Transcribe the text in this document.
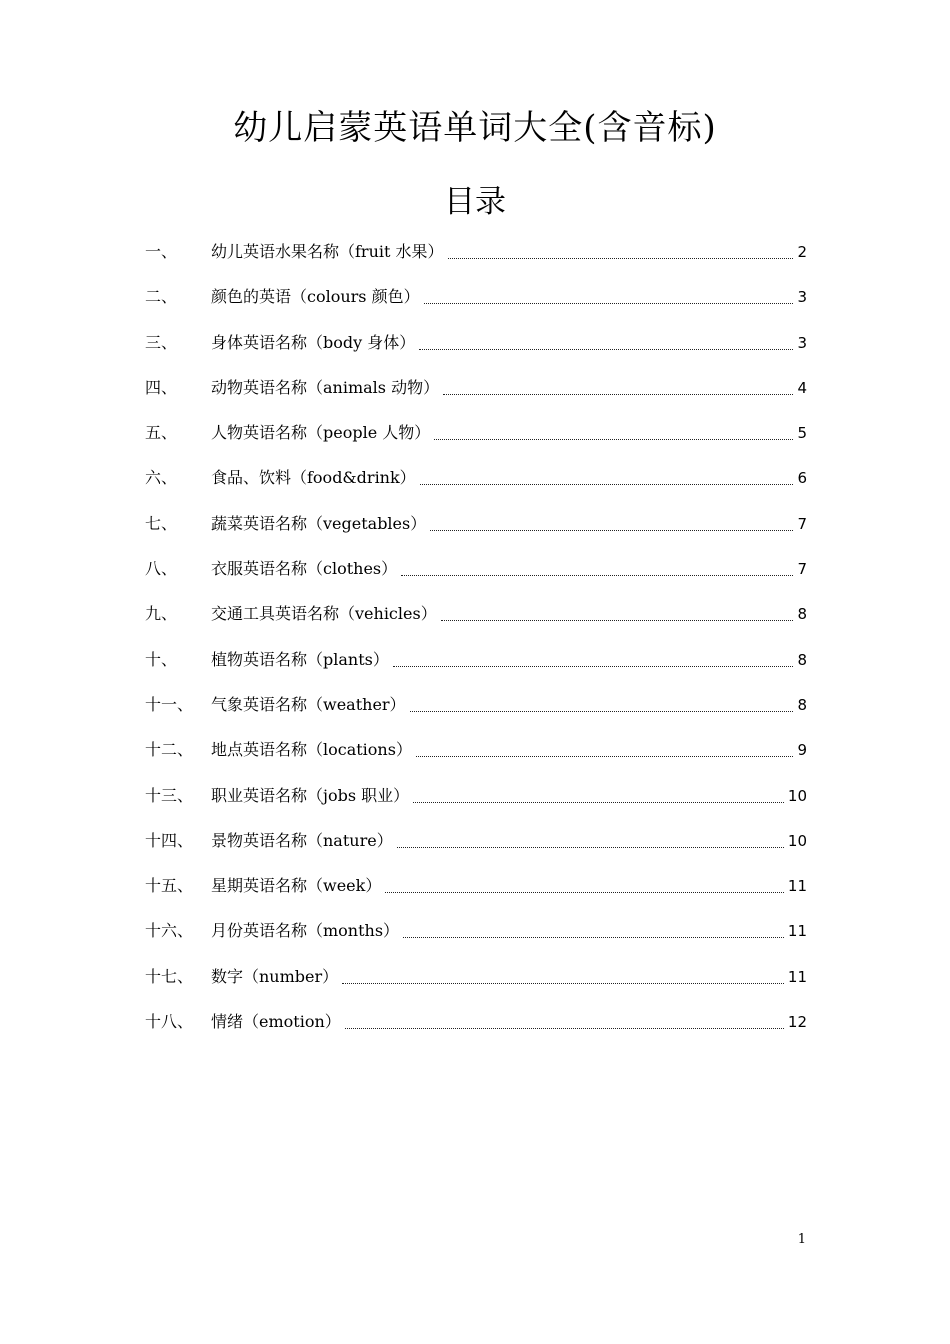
幼儿启蒙英语单词大全(含音标)
目录
一、	幼儿英语水果名称（fruit 水果）	2
二、	颜色的英语（colours 颜色）	3
三、	身体英语名称（body 身体）	3
四、	动物英语名称（animals 动物）	4
五、	人物英语名称（people 人物）	5
六、	食品、饮料（food&drink）	6
七、	蔬菜英语名称（vegetables）	7
八、	衣服英语名称（clothes）	7
九、	交通工具英语名称（vehicles）	8
十、	植物英语名称（plants）	8
十一、	气象英语名称（weather）	8
十二、	地点英语名称（locations）	9
十三、	职业英语名称（jobs 职业）	10
十四、	景物英语名称（nature）	10
十五、	星期英语名称（week）	11
十六、	月份英语名称（months）	11
十七、	数字（number）	11
十八、	情绪（emotion）	12
1
